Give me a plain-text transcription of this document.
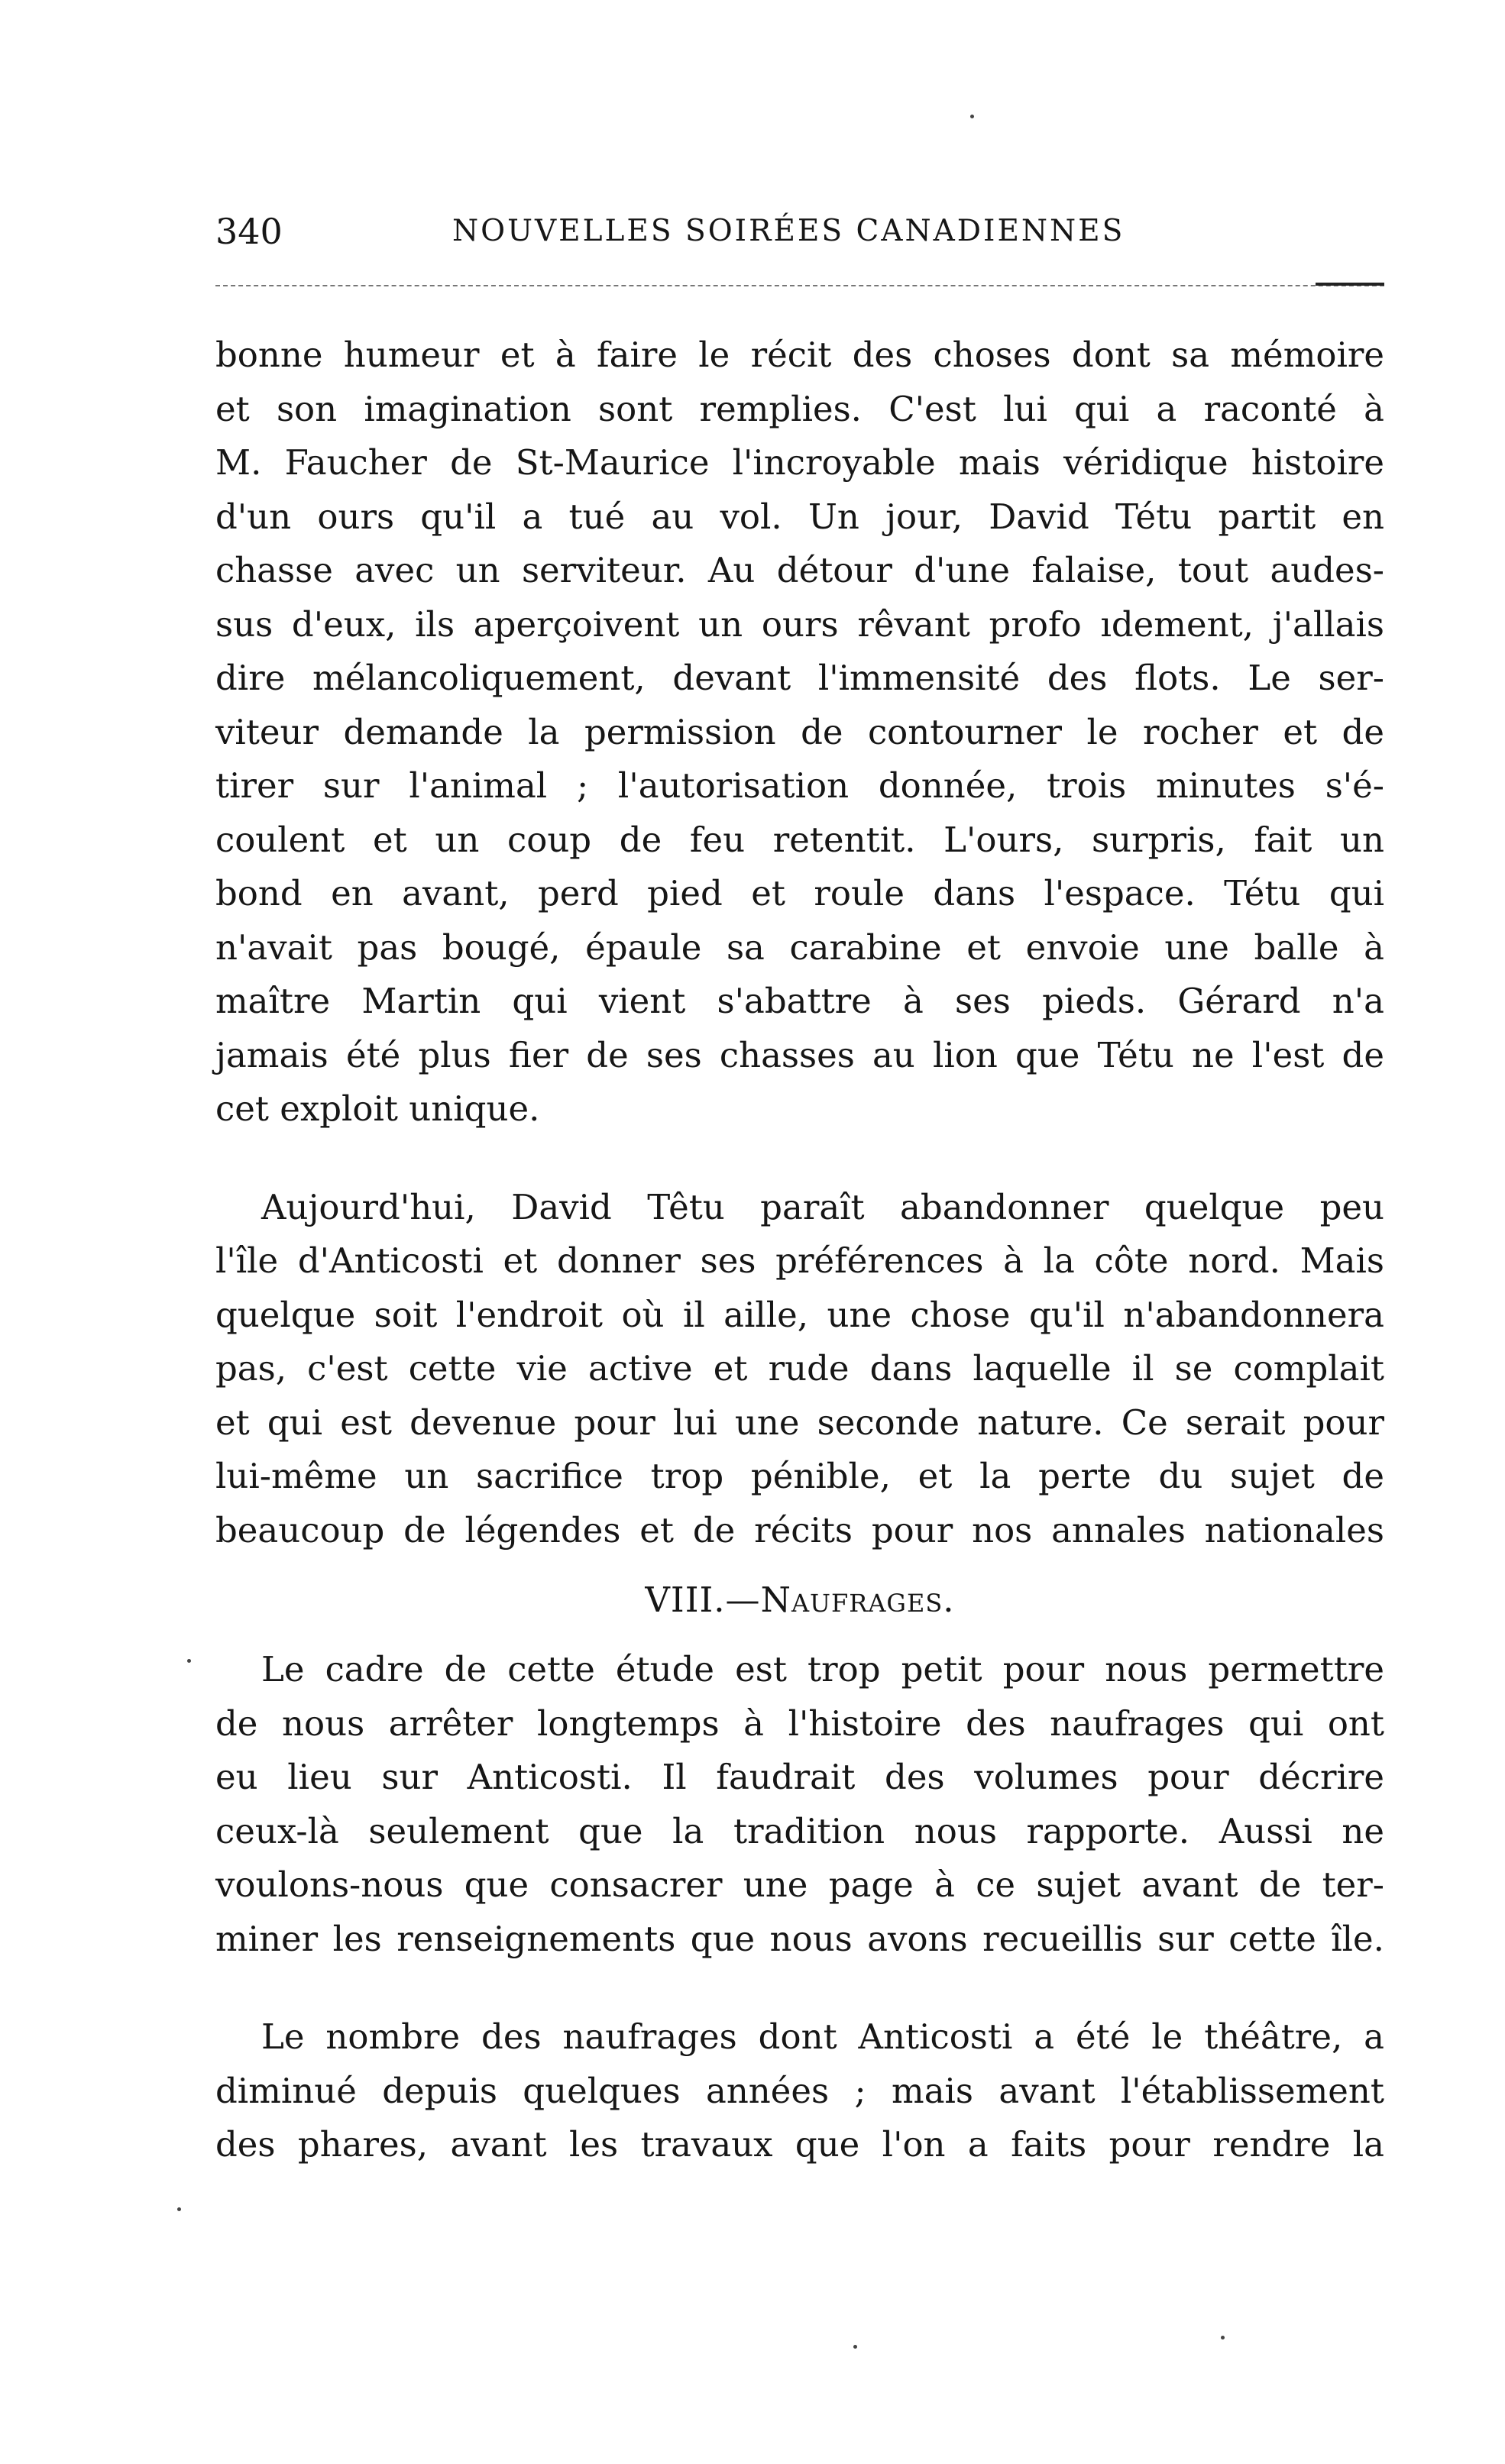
340	NOUVELLES SOIRÉES CANADIENNES
bonne humeur et à faire le récit des choses dont sa mémoire
et son imagination sont remplies. C'est lui qui a raconté à
M. Faucher de St-Maurice l'incroyable mais véridique histoire
d'un ours qu'il a tué au vol. Un jour, David Tétu partit en
chasse avec un serviteur. Au détour d'une falaise, tout audes-
sus d'eux, ils aperçoivent un ours rêvant profo ıdement, j'allais
dire mélancoliquement, devant l'immensité des flots. Le ser-
viteur demande la permission de contourner le rocher et de
tirer sur l'animal ; l'autorisation donnée, trois minutes s'é-
coulent et un coup de feu retentit. L'ours, surpris, fait un
bond en avant, perd pied et roule dans l'espace. Tétu qui
n'avait pas bougé, épaule sa carabine et envoie une balle à
maître Martin qui vient s'abattre à ses pieds. Gérard n'a
jamais été plus fier de ses chasses au lion que Tétu ne l'est de
cet exploit unique.
Aujourd'hui, David Têtu paraît abandonner quelque peu
l'île d'Anticosti et donner ses préférences à la côte nord. Mais
quelque soit l'endroit où il aille, une chose qu'il n'abandonnera
pas, c'est cette vie active et rude dans laquelle il se complait
et qui est devenue pour lui une seconde nature. Ce serait pour
lui-même un sacrifice trop pénible, et la perte du sujet de
beaucoup de légendes et de récits pour nos annales nationales
VIII.—Naufrages.
Le cadre de cette étude est trop petit pour nous permettre
de nous arrêter longtemps à l'histoire des naufrages qui ont
eu lieu sur Anticosti. Il faudrait des volumes pour décrire
ceux-là seulement que la tradition nous rapporte. Aussi ne
voulons-nous que consacrer une page à ce sujet avant de ter-
miner les renseignements que nous avons recueillis sur cette île.
Le nombre des naufrages dont Anticosti a été le théâtre, a
diminué depuis quelques années ; mais avant l'établissement
des phares, avant les travaux que l'on a faits pour rendre la
